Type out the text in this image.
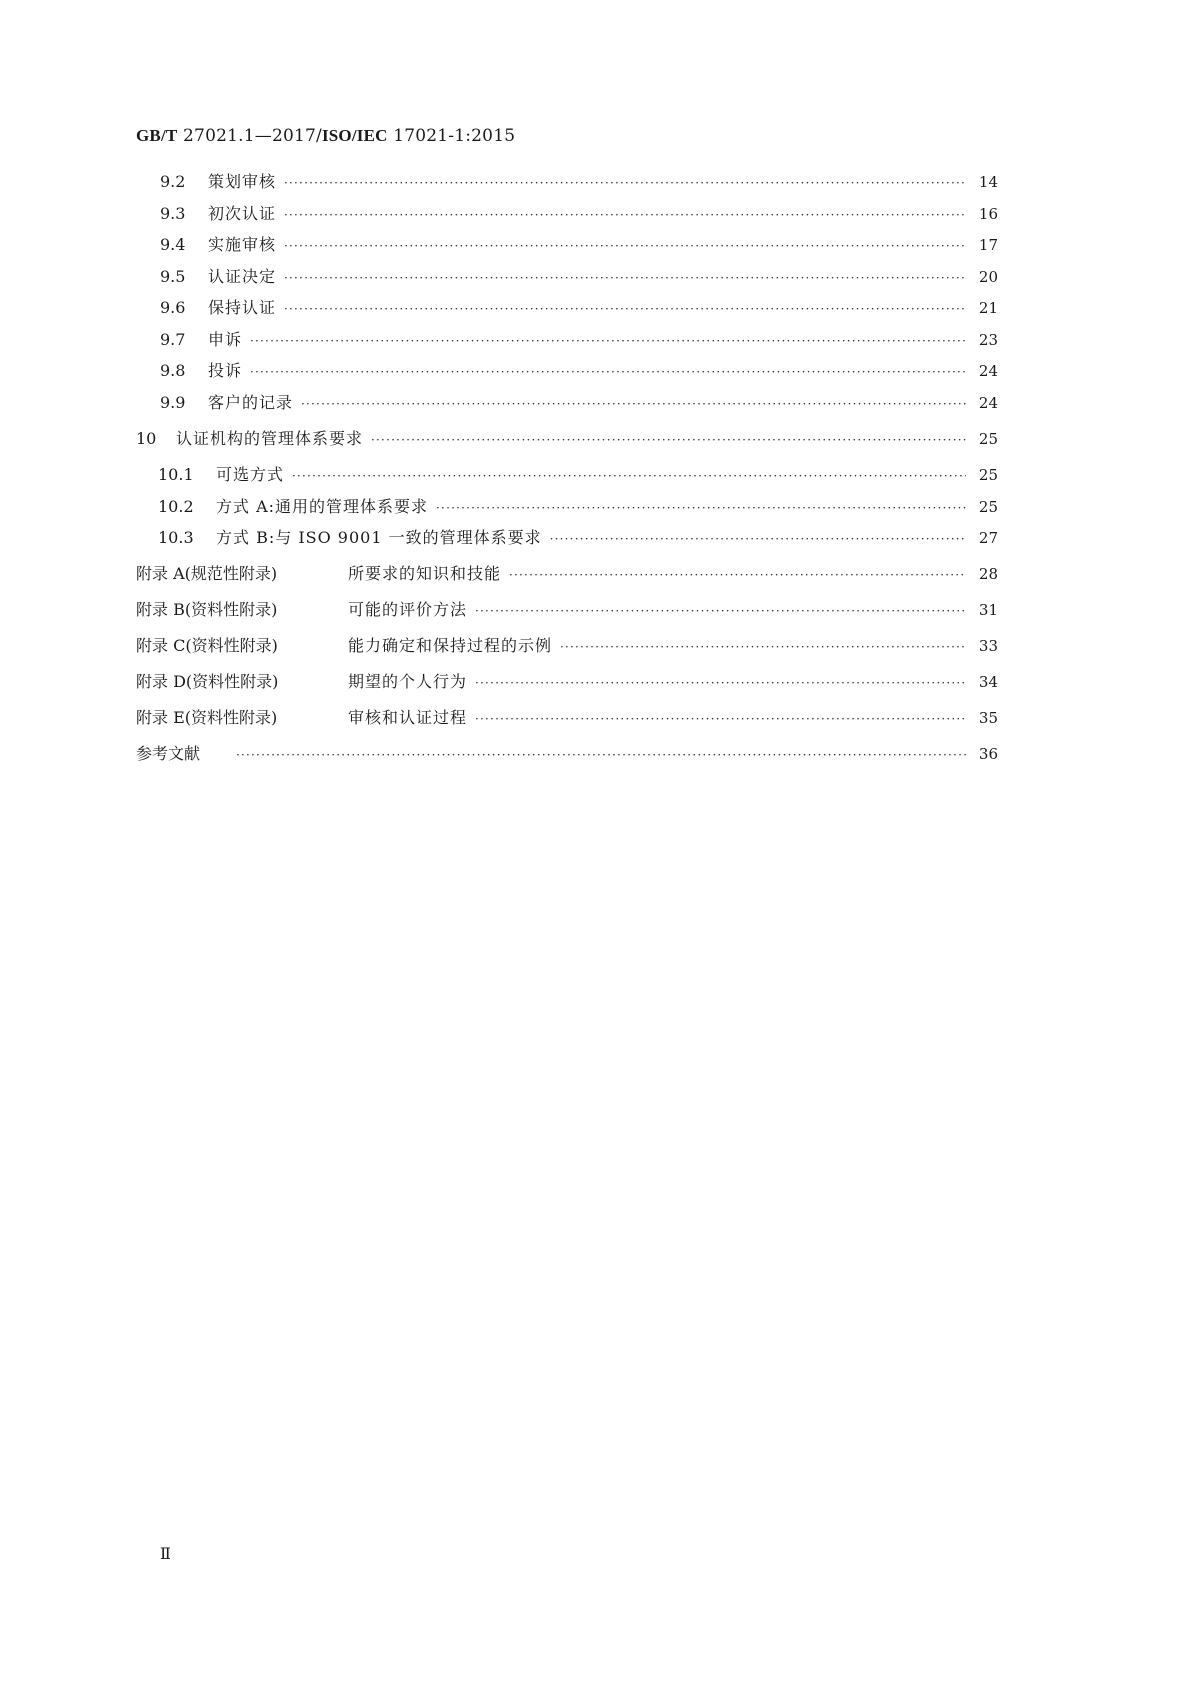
GB/T 27021.1—2017/ISO/IEC 17021-1:2015
9.2	策划审核 ·····	14
9.3	初次认证 ·····	16
9.4	实施审核 ·····	17
9.5	认证决定 ·····	20
9.6	保持认证 ·····	21
9.7	申诉 ·····	23
9.8	投诉 ·····	24
9.9	客户的记录 ·····	24
10	认证机构的管理体系要求 ·····	25
10.1	可选方式 ·····	25
10.2	方式 A:通用的管理体系要求 ·····	25
10.3	方式 B:与 ISO 9001 一致的管理体系要求 ·····	27
附录 A(规范性附录)	所要求的知识和技能 ·····	28
附录 B(资料性附录)	可能的评价方法 ·····	31
附录 C(资料性附录)	能力确定和保持过程的示例 ·····	33
附录 D(资料性附录)	期望的个人行为 ·····	34
附录 E(资料性附录)	审核和认证过程 ·····	35
参考文献 ·····	36
Ⅱ
